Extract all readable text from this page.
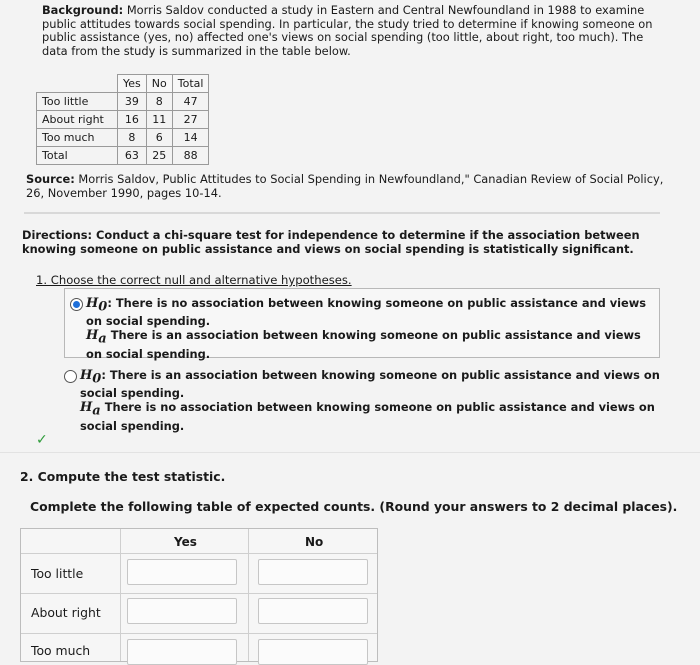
Background: Morris Saldov conducted a study in Eastern and Central Newfoundland in 1988 to examine public attitudes towards social spending. In particular, the study tried to determine if knowing someone on public assistance (yes, no) affected one's views on social spending (too little, about right, too much). The data from the study is summarized in the table below.
	Yes	No	Total
Too little	39	8	47
About right	16	11	27
Too much	8	6	14
Total	63	25	88
Source: Morris Saldov, Public Attitudes to Social Spending in Newfoundland," Canadian Review of Social Policy, 26, November 1990, pages 10-14.
Directions: Conduct a chi-square test for independence to determine if the association between knowing someone on public assistance and views on social spending is statistically significant.
1. Choose the correct null and alternative hypotheses.
$H_0$: There is no association between knowing someone on public assistance and views on social spending.
$H_a$ There is an association between knowing someone on public assistance and views on social spending.
$H_0$: There is an association between knowing someone on public assistance and views on social spending.
$H_a$ There is no association between knowing someone on public assistance and views on social spending.
✓
2. Compute the test statistic.
Complete the following table of expected counts. (Round your answers to 2 decimal places).
Yes	No
Too little
About right
Too much
